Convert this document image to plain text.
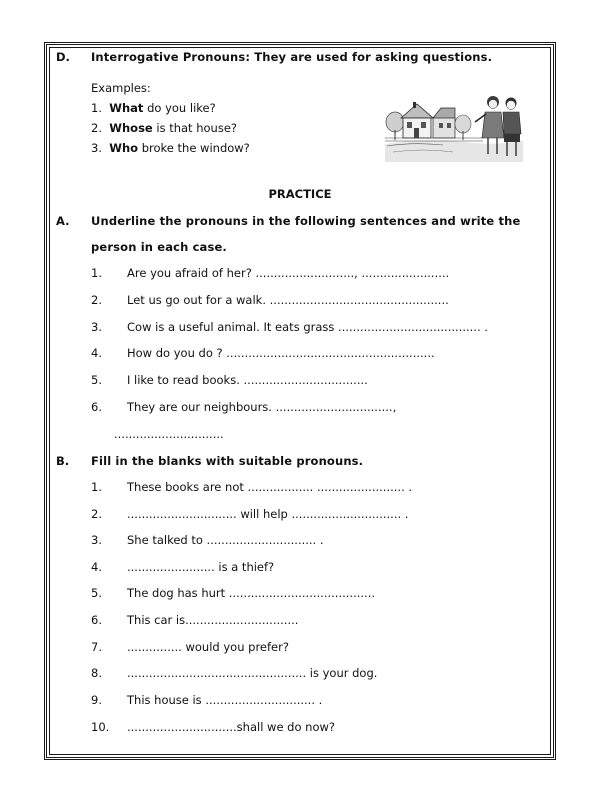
D. Interrogative Pronouns: They are used for asking questions.
Examples:
1. What do you like?
2. Whose is that house?
3. Who broke the window?
PRACTICE
A. Underline the pronouns in the following sentences and write the
person in each case.
1. Are you afraid of her? ..........................., ........................
2. Let us go out for a walk. .................................................
3. Cow is a useful animal. It eats grass ....................................... .
4. How do you do ? .........................................................
5. I like to read books. ..................................
6. They are our neighbours. ................................,
..............................
B. Fill in the blanks with suitable pronouns.
1. These books are not .................. ........................ .
2. .............................. will help .............................. .
3. She talked to .............................. .
4. ........................ is a thief?
5. The dog has hurt ........................................
6. This car is...............................
7. ............... would you prefer?
8. ................................................. is your dog.
9. This house is .............................. .
10. ..............................shall we do now?
